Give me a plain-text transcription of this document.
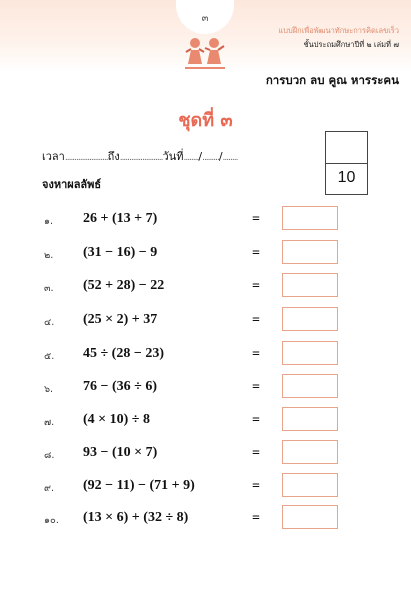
๓
แบบฝึกเพื่อพัฒนาทักษะการคิดเลขเร็ว
ชั้นประถมศึกษาปีที่ ๒ เล่มที่ ๗
การบวก ลบ คูณ หารระคน
ชุดที่ ๓
เวลา.......................ถึง.......................วันที่......../........./........
จงหาผลลัพธ์	10
๑. 26 + (13 + 7)	=
๒. (31 − 16) − 9	=
๓. (52 + 28) − 22	=
๔. (25 × 2) + 37	=
๕. 45 ÷ (28 − 23)	=
๖. 76 − (36 ÷ 6)	=
๗. (4 × 10) ÷ 8	=
๘. 93 − (10 × 7)	=
๙. (92 − 11) − (71 + 9)	=
๑๐. (13 × 6) + (32 ÷ 8)	=
